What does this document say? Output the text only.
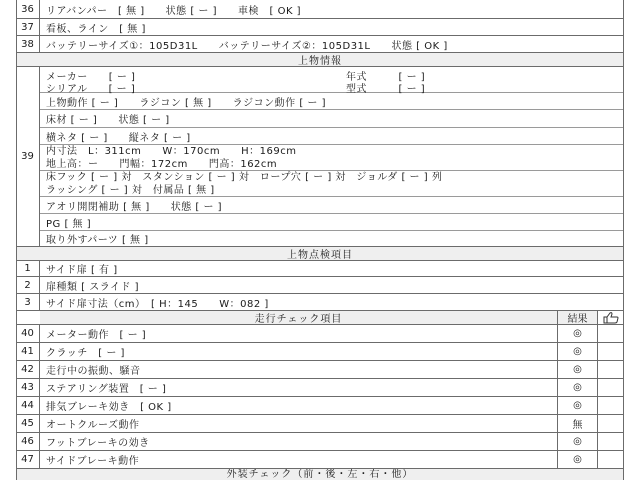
36	リアバンパー　[ 無 ]　　状態 [ ー ]　　車検　[ OK ]
37	看板、ライン　[ 無 ]
38	バッテリーサイズ①：105D31L　　バッテリーサイズ②：105D31L　　状態 [ OK ]
上物情報
39
メーカー　　[ ー ]	年式　　　[ ー ]
シリアル　　[ ー ]	型式　　　[ ー ]
上物動作 [ ー ]　　ラジコン [ 無 ]　　ラジコン動作 [ ー ]
床材 [ ー ]　　状態 [ ー ]
横ネタ [ ー ]　　縦ネタ [ ー ]
内寸法　L：311cm　　W：170cm　　H：169cm
地上高：ー　　門幅：172cm　　門高：162cm
床フック [ ー ] 対　スタンション [ ー ] 対　ロープ穴 [ ー ] 対　ジョルダ [ ー ] 列
ラッシング [ ー ] 対　付属品 [ 無 ]
アオリ開閉補助 [ 無 ]　　状態 [ ー ]
PG [ 無 ]
取り外すパーツ [ 無 ]
上物点検項目
1	サイド扉 [ 有 ]
2	扉種類 [ スライド ]
3	サイド扉寸法（cm）　[ H：145　　W：082 ]
走行チェック項目	結果
40	メーター動作　[ ー ]	◎
41	クラッチ　[ ー ]	◎
42	走行中の振動、騒音	◎
43	ステアリング装置　[ ー ]	◎
44	排気ブレーキ効き　[ OK ]	◎
45	オートクルーズ動作	無
46	フットブレーキの効き	◎
47	サイドブレーキ動作	◎
外装チェック（前・後・左・右・他）
